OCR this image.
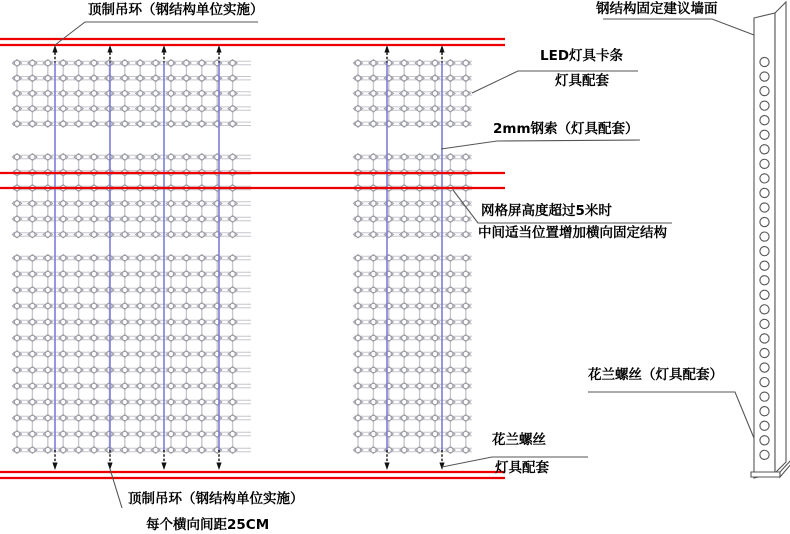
顶制吊环（钢结构单位实施）	钢结构固定建议墙面
LED灯具卡条
灯具配套
2mm钢索（灯具配套）
网格屏高度超过5米时
中间适当位置增加横向固定结构
花兰螺丝（灯具配套）
花兰螺丝
灯具配套
顶制吊环（钢结构单位实施）
每个横向间距25CM
